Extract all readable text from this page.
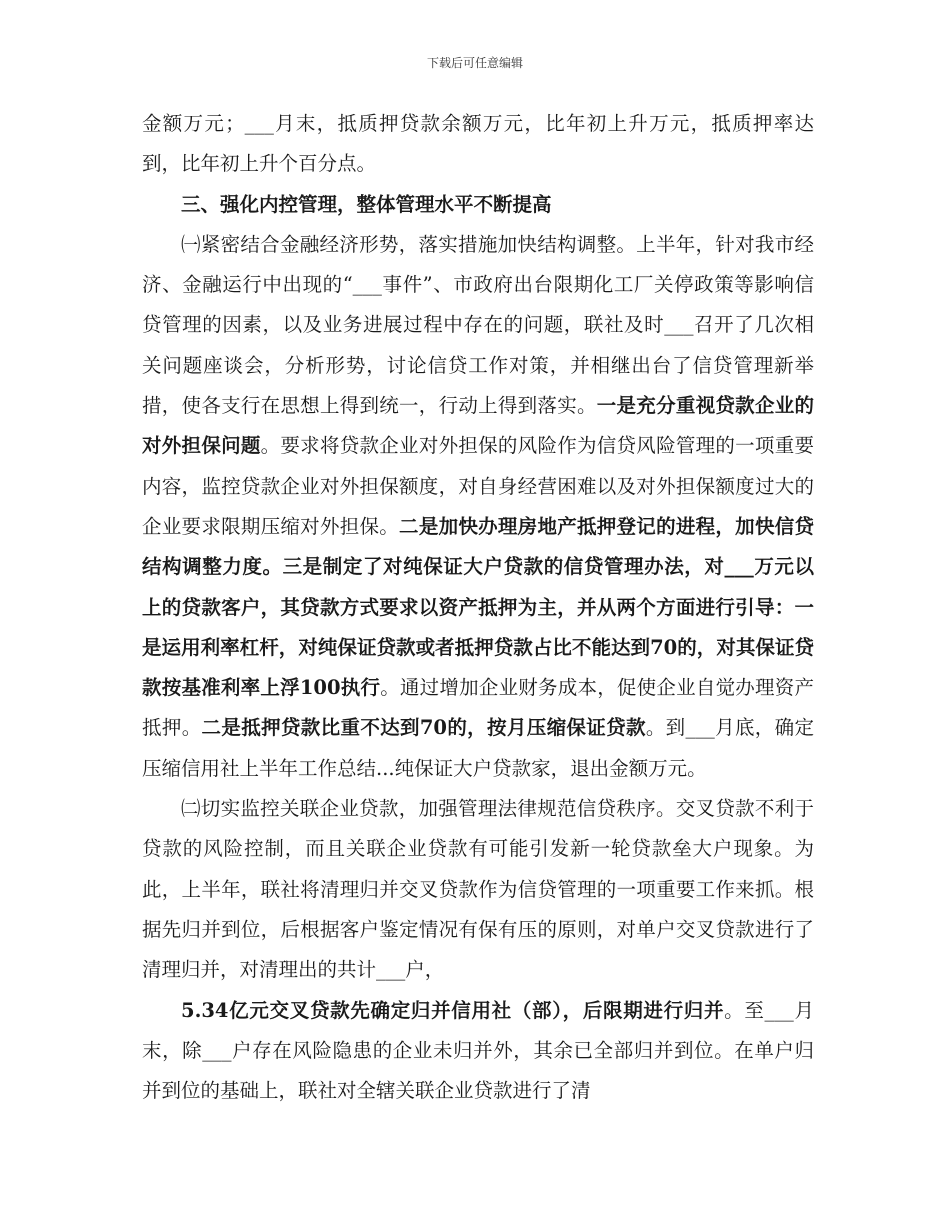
下载后可任意编辑

金额万元；___月末，抵质押贷款余额万元，比年初上升万元，抵质押率达到，比年初上升个百分点。

三、强化内控管理，整体管理水平不断提高

㈠紧密结合金融经济形势，落实措施加快结构调整。上半年，针对我市经济、金融运行中出现的“___事件”、市政府出台限期化工厂关停政策等影响信贷管理的因素，以及业务进展过程中存在的问题，联社及时___召开了几次相关问题座谈会，分析形势，讨论信贷工作对策，并相继出台了信贷管理新举措，使各支行在思想上得到统一，行动上得到落实。一是充分重视贷款企业的对外担保问题。要求将贷款企业对外担保的风险作为信贷风险管理的一项重要内容，监控贷款企业对外担保额度，对自身经营困难以及对外担保额度过大的企业要求限期压缩对外担保。二是加快办理房地产抵押登记的进程，加快信贷结构调整力度。三是制定了对纯保证大户贷款的信贷管理办法，对___万元以上的贷款客户，其贷款方式要求以资产抵押为主，并从两个方面进行引导：一是运用利率杠杆，对纯保证贷款或者抵押贷款占比不能达到70的，对其保证贷款按基准利率上浮100执行。通过增加企业财务成本，促使企业自觉办理资产抵押。二是抵押贷款比重不达到70的，按月压缩保证贷款。到___月底，确定压缩信用社上半年工作总结...纯保证大户贷款家，退出金额万元。

㈡切实监控关联企业贷款，加强管理法律规范信贷秩序。交叉贷款不利于贷款的风险控制，而且关联企业贷款有可能引发新一轮贷款垒大户现象。为此，上半年，联社将清理归并交叉贷款作为信贷管理的一项重要工作来抓。根据先归并到位，后根据客户鉴定情况有保有压的原则，对单户交叉贷款进行了清理归并，对清理出的共计___户，

5.34亿元交叉贷款先确定归并信用社（部），后限期进行归并。至___月末，除___户存在风险隐患的企业未归并外，其余已全部归并到位。在单户归并到位的基础上，联社对全辖关联企业贷款进行了清
